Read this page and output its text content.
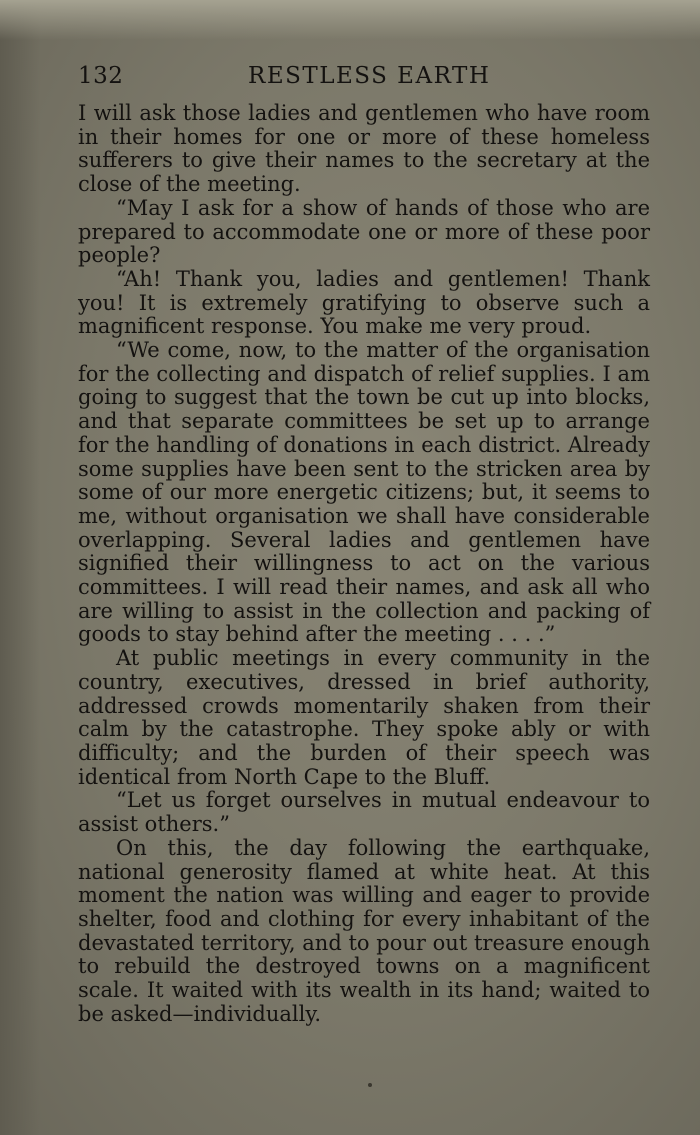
132	RESTLESS EARTH

I will ask those ladies and gentlemen who have room in their homes for one or more of these homeless sufferers to give their names to the secretary at the close of the meeting.

“May I ask for a show of hands of those who are prepared to accommodate one or more of these poor people?

“Ah! Thank you, ladies and gentlemen! Thank you! It is extremely gratifying to observe such a magnificent response. You make me very proud.

“We come, now, to the matter of the organisation for the collecting and dispatch of relief supplies. I am going to suggest that the town be cut up into blocks, and that separate committees be set up to arrange for the handling of donations in each district. Already some supplies have been sent to the stricken area by some of our more energetic citizens; but, it seems to me, without organisation we shall have considerable overlapping. Several ladies and gentlemen have signified their willingness to act on the various committees. I will read their names, and ask all who are willing to assist in the collection and packing of goods to stay behind after the meeting . . . .”

At public meetings in every community in the country, executives, dressed in brief authority, addressed crowds momentarily shaken from their calm by the catastrophe. They spoke ably or with difficulty; and the burden of their speech was identical from North Cape to the Bluff.

“Let us forget ourselves in mutual endeavour to assist others.”

On this, the day following the earthquake, national generosity flamed at white heat. At this moment the nation was willing and eager to provide shelter, food and clothing for every inhabitant of the devastated territory, and to pour out treasure enough to rebuild the destroyed towns on a magnificent scale. It waited with its wealth in its hand; waited to be asked—individually.
